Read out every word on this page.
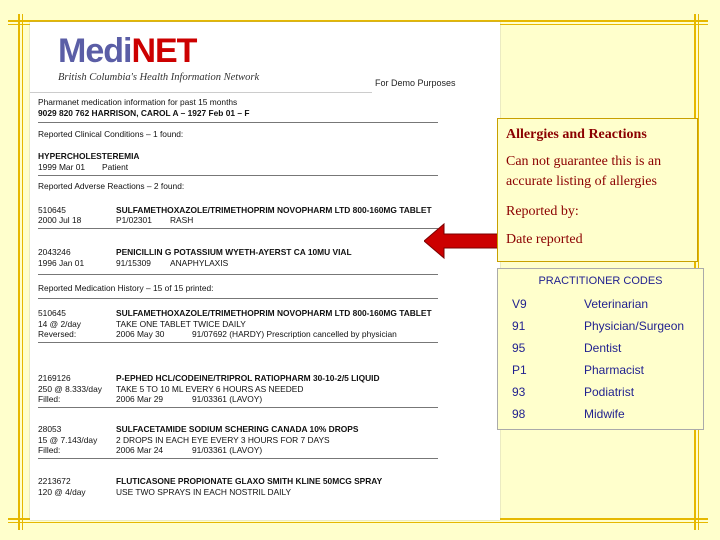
MediNET
British Columbia's Health Information Network	For Demo Purposes
Pharmanet medication information for past 15 months
9029 820 762 HARRISON, CAROL A – 1927 Feb 01 – F
Reported Clinical Conditions – 1 found:
HYPERCHOLESTEREMIA
1999 Mar 01 Patient
Reported Adverse Reactions – 2 found:
510645	SULFAMETHOXAZOLE/TRIMETHOPRIM NOVOPHARM LTD 800-160MG TABLET
2000 Jul 18	P1/02301 RASH
2043246	PENICILLIN G POTASSIUM WYETH-AYERST CA 10MU VIAL
1996 Jan 01	91/15309 ANAPHYLAXIS
Reported Medication History – 15 of 15 printed:
510645	SULFAMETHOXAZOLE/TRIMETHOPRIM NOVOPHARM LTD 800-160MG TABLET
14 @ 2/day	TAKE ONE TABLET TWICE DAILY
Reversed:	2006 May 30	91/07692 (HARDY) Prescription cancelled by physician
2169126	P-EPHED HCL/CODEINE/TRIPROL RATIOPHARM 30-10-2/5 LIQUID
250 @ 8.333/day TAKE 5 TO 10 ML EVERY 6 HOURS AS NEEDED
Filled:	2006 Mar 29	91/03361 (LAVOY)
28053	SULFACETAMIDE SODIUM SCHERING CANADA 10% DROPS
15 @ 7.143/day 2 DROPS IN EACH EYE EVERY 3 HOURS FOR 7 DAYS
Filled:	2006 Mar 24	91/03361 (LAVOY)
2213672	FLUTICASONE PROPIONATE GLAXO SMITH KLINE 50MCG SPRAY
120 @ 4/day	USE TWO SPRAYS IN EACH NOSTRIL DAILY
Allergies and Reactions
Can not guarantee this is an
accurate listing of allergies
Reported by:
Date reported
PRACTITIONER CODES
V9	Veterinarian
91	Physician/Surgeon
95	Dentist
P1	Pharmacist
93	Podiatrist
98	Midwife
